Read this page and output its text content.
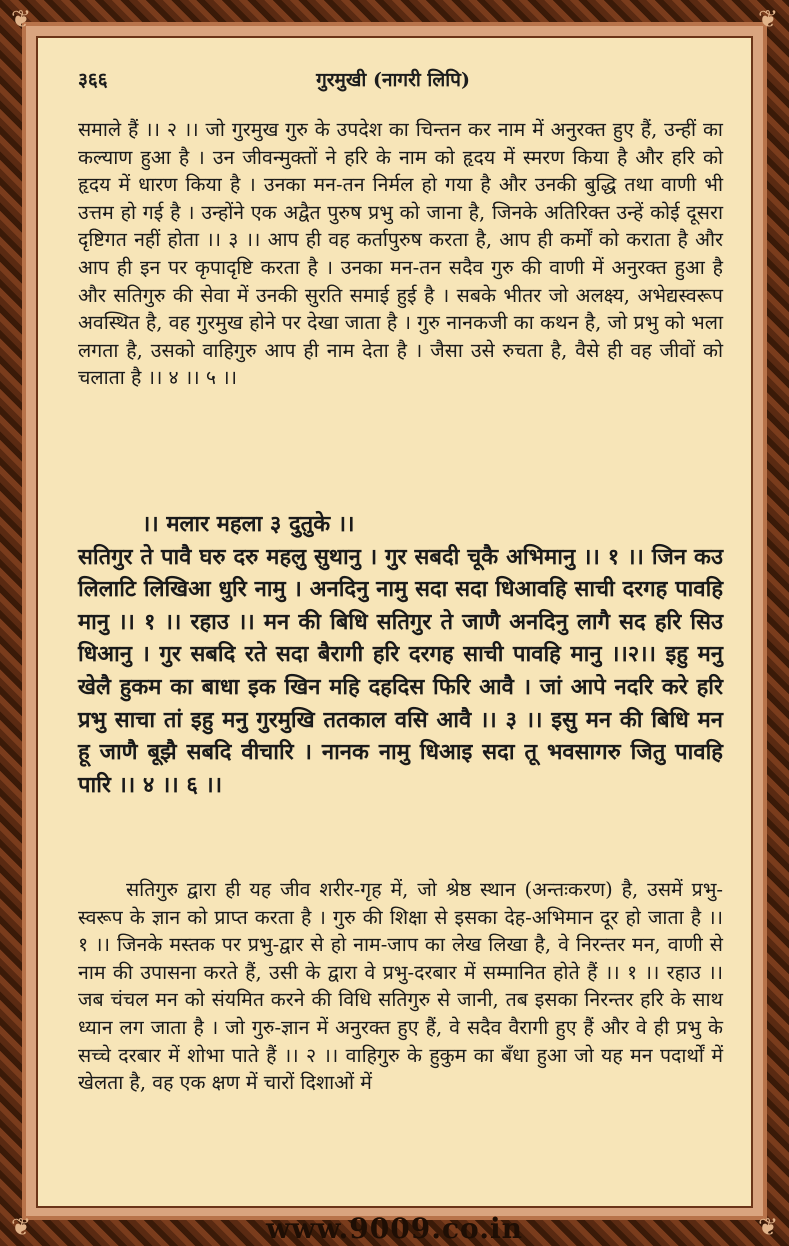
❦	❦
❦	❦
३६६	गुरमुखी (नागरी लिपि)
समाले हैं ।। २ ।। जो गुरमुख गुरु के उपदेश का चिन्तन कर नाम में अनुरक्त हुए हैं, उन्हीं का कल्याण हुआ है । उन जीवन्मुक्तों ने हरि के नाम को हृदय में स्मरण किया है और हरि को हृदय में धारण किया है । उनका मन-तन निर्मल हो गया है और उनकी बुद्धि तथा वाणी भी उत्तम हो गई है । उन्होंने एक अद्वैत पुरुष प्रभु को जाना है, जिनके अतिरिक्त उन्हें कोई दूसरा दृष्टिगत नहीं होता ।। ३ ।। आप ही वह कर्तापुरुष करता है, आप ही कर्मों को कराता है और आप ही इन पर कृपादृष्टि करता है । उनका मन-तन सदैव गुरु की वाणी में अनुरक्त हुआ है और सतिगुरु की सेवा में उनकी सुरति समाई हुई है । सबके भीतर जो अलक्ष्य, अभेद्यस्वरूप अवस्थित है, वह गुरमुख होने पर देखा जाता है । गुरु नानकजी का कथन है, जो प्रभु को भला लगता है, उसको वाहिगुरु आप ही नाम देता है । जैसा उसे रुचता है, वैसे ही वह जीवों को चलाता है ।। ४ ।। ५ ।।
।। मलार महला ३ दुतुके ।।
सतिगुर ते पावै घरु दरु महलु सुथानु । गुर सबदी चूकै अभिमानु ।। १ ।। जिन कउ लिलाटि लिखिआ धुरि नामु । अनदिनु नामु सदा सदा धिआवहि साची दरगह पावहि मानु ।। १ ।। रहाउ ।। मन की बिधि सतिगुर ते जाणै अनदिनु लागै सद हरि सिउ धिआनु । गुर सबदि रते सदा बैरागी हरि दरगह साची पावहि मानु ।।२।। इहु मनु खेलै हुकम का बाधा इक खिन महि दहदिस फिरि आवै । जां आपे नदरि करे हरि प्रभु साचा तां इहु मनु गुरमुखि ततकाल वसि आवै ।। ३ ।। इसु मन की बिधि मन हू जाणै बूझै सबदि वीचारि । नानक नामु धिआइ सदा तू भवसागरु जितु पावहि पारि ।। ४ ।। ६ ।।
सतिगुरु द्वारा ही यह जीव शरीर-गृह में, जो श्रेष्ठ स्थान (अन्तःकरण) है, उसमें प्रभु-स्वरूप के ज्ञान को प्राप्त करता है । गुरु की शिक्षा से इसका देह-अभिमान दूर हो जाता है ।। १ ।। जिनके मस्तक पर प्रभु-द्वार से हो नाम-जाप का लेख लिखा है, वे निरन्तर मन, वाणी से नाम की उपासना करते हैं, उसी के द्वारा वे प्रभु-दरबार में सम्मानित होते हैं ।। १ ।। रहाउ ।। जब चंचल मन को संयमित करने की विधि सतिगुरु से जानी, तब इसका निरन्तर हरि के साथ ध्यान लग जाता है । जो गुरु-ज्ञान में अनुरक्त हुए हैं, वे सदैव वैरागी हुए हैं और वे ही प्रभु के सच्चे दरबार में शोभा पाते हैं ।। २ ।। वाहिगुरु के हुकुम का बँधा हुआ जो यह मन पदार्थों में खेलता है, वह एक क्षण में चारों दिशाओं में
www.9009.co.in
